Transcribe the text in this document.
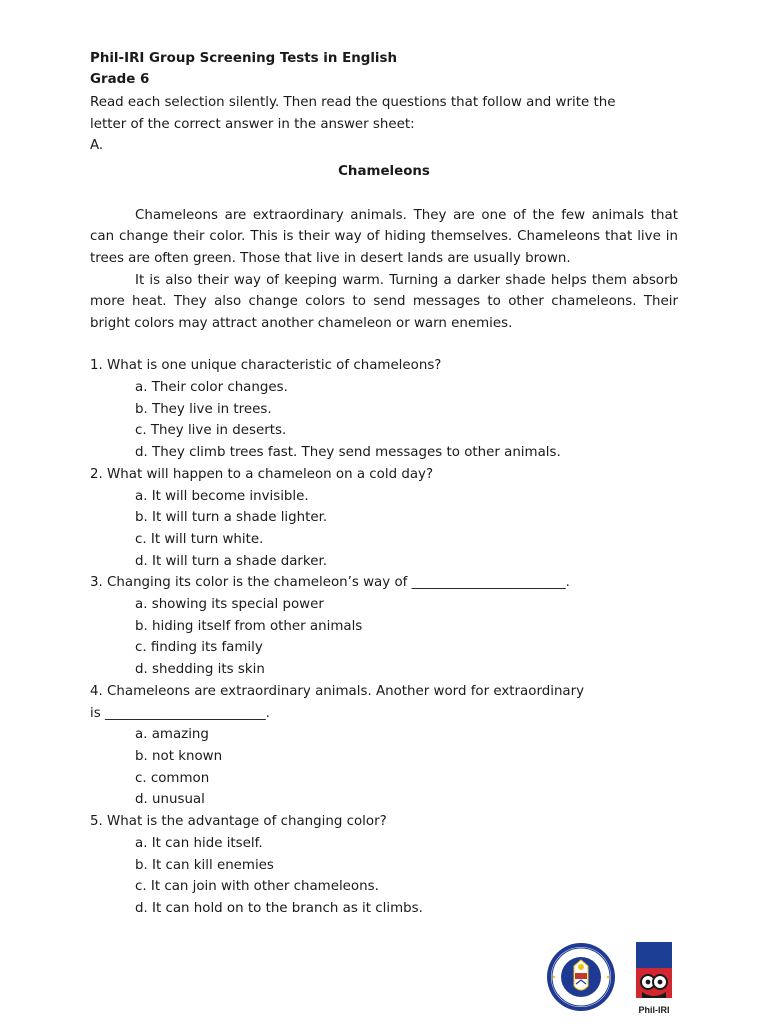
Phil-IRI Group Screening Tests in English
Grade 6
Read each selection silently. Then read the questions that follow and write the
letter of the correct answer in the answer sheet:
A.
Chameleons
Chameleons are extraordinary animals. They are one of the few animals that can change their color. This is their way of hiding themselves. Chameleons that live in trees are often green. Those that live in desert lands are usually brown.
It is also their way of keeping warm. Turning a darker shade helps them absorb more heat. They also change colors to send messages to other chameleons. Their bright colors may attract another chameleon or warn enemies.
1. What is one unique characteristic of chameleons?
a. Their color changes.
b. They live in trees.
c. They live in deserts.
d. They climb trees fast. They send messages to other animals.
2. What will happen to a chameleon on a cold day?
a. It will become invisible.
b. It will turn a shade lighter.
c. It will turn white.
d. It will turn a shade darker.
3. Changing its color is the chameleon’s way of _______________________.
a. showing its special power
b. hiding itself from other animals
c. finding its family
d. shedding its skin
4. Chameleons are extraordinary animals. Another word for extraordinary
is ________________________.
a. amazing
b. not known
c. common
d. unusual
5. What is the advantage of changing color?
a. It can hide itself.
b. It can kill enemies
c. It can join with other chameleons.
d. It can hold on to the branch as it climbs.
Phil-IRI
